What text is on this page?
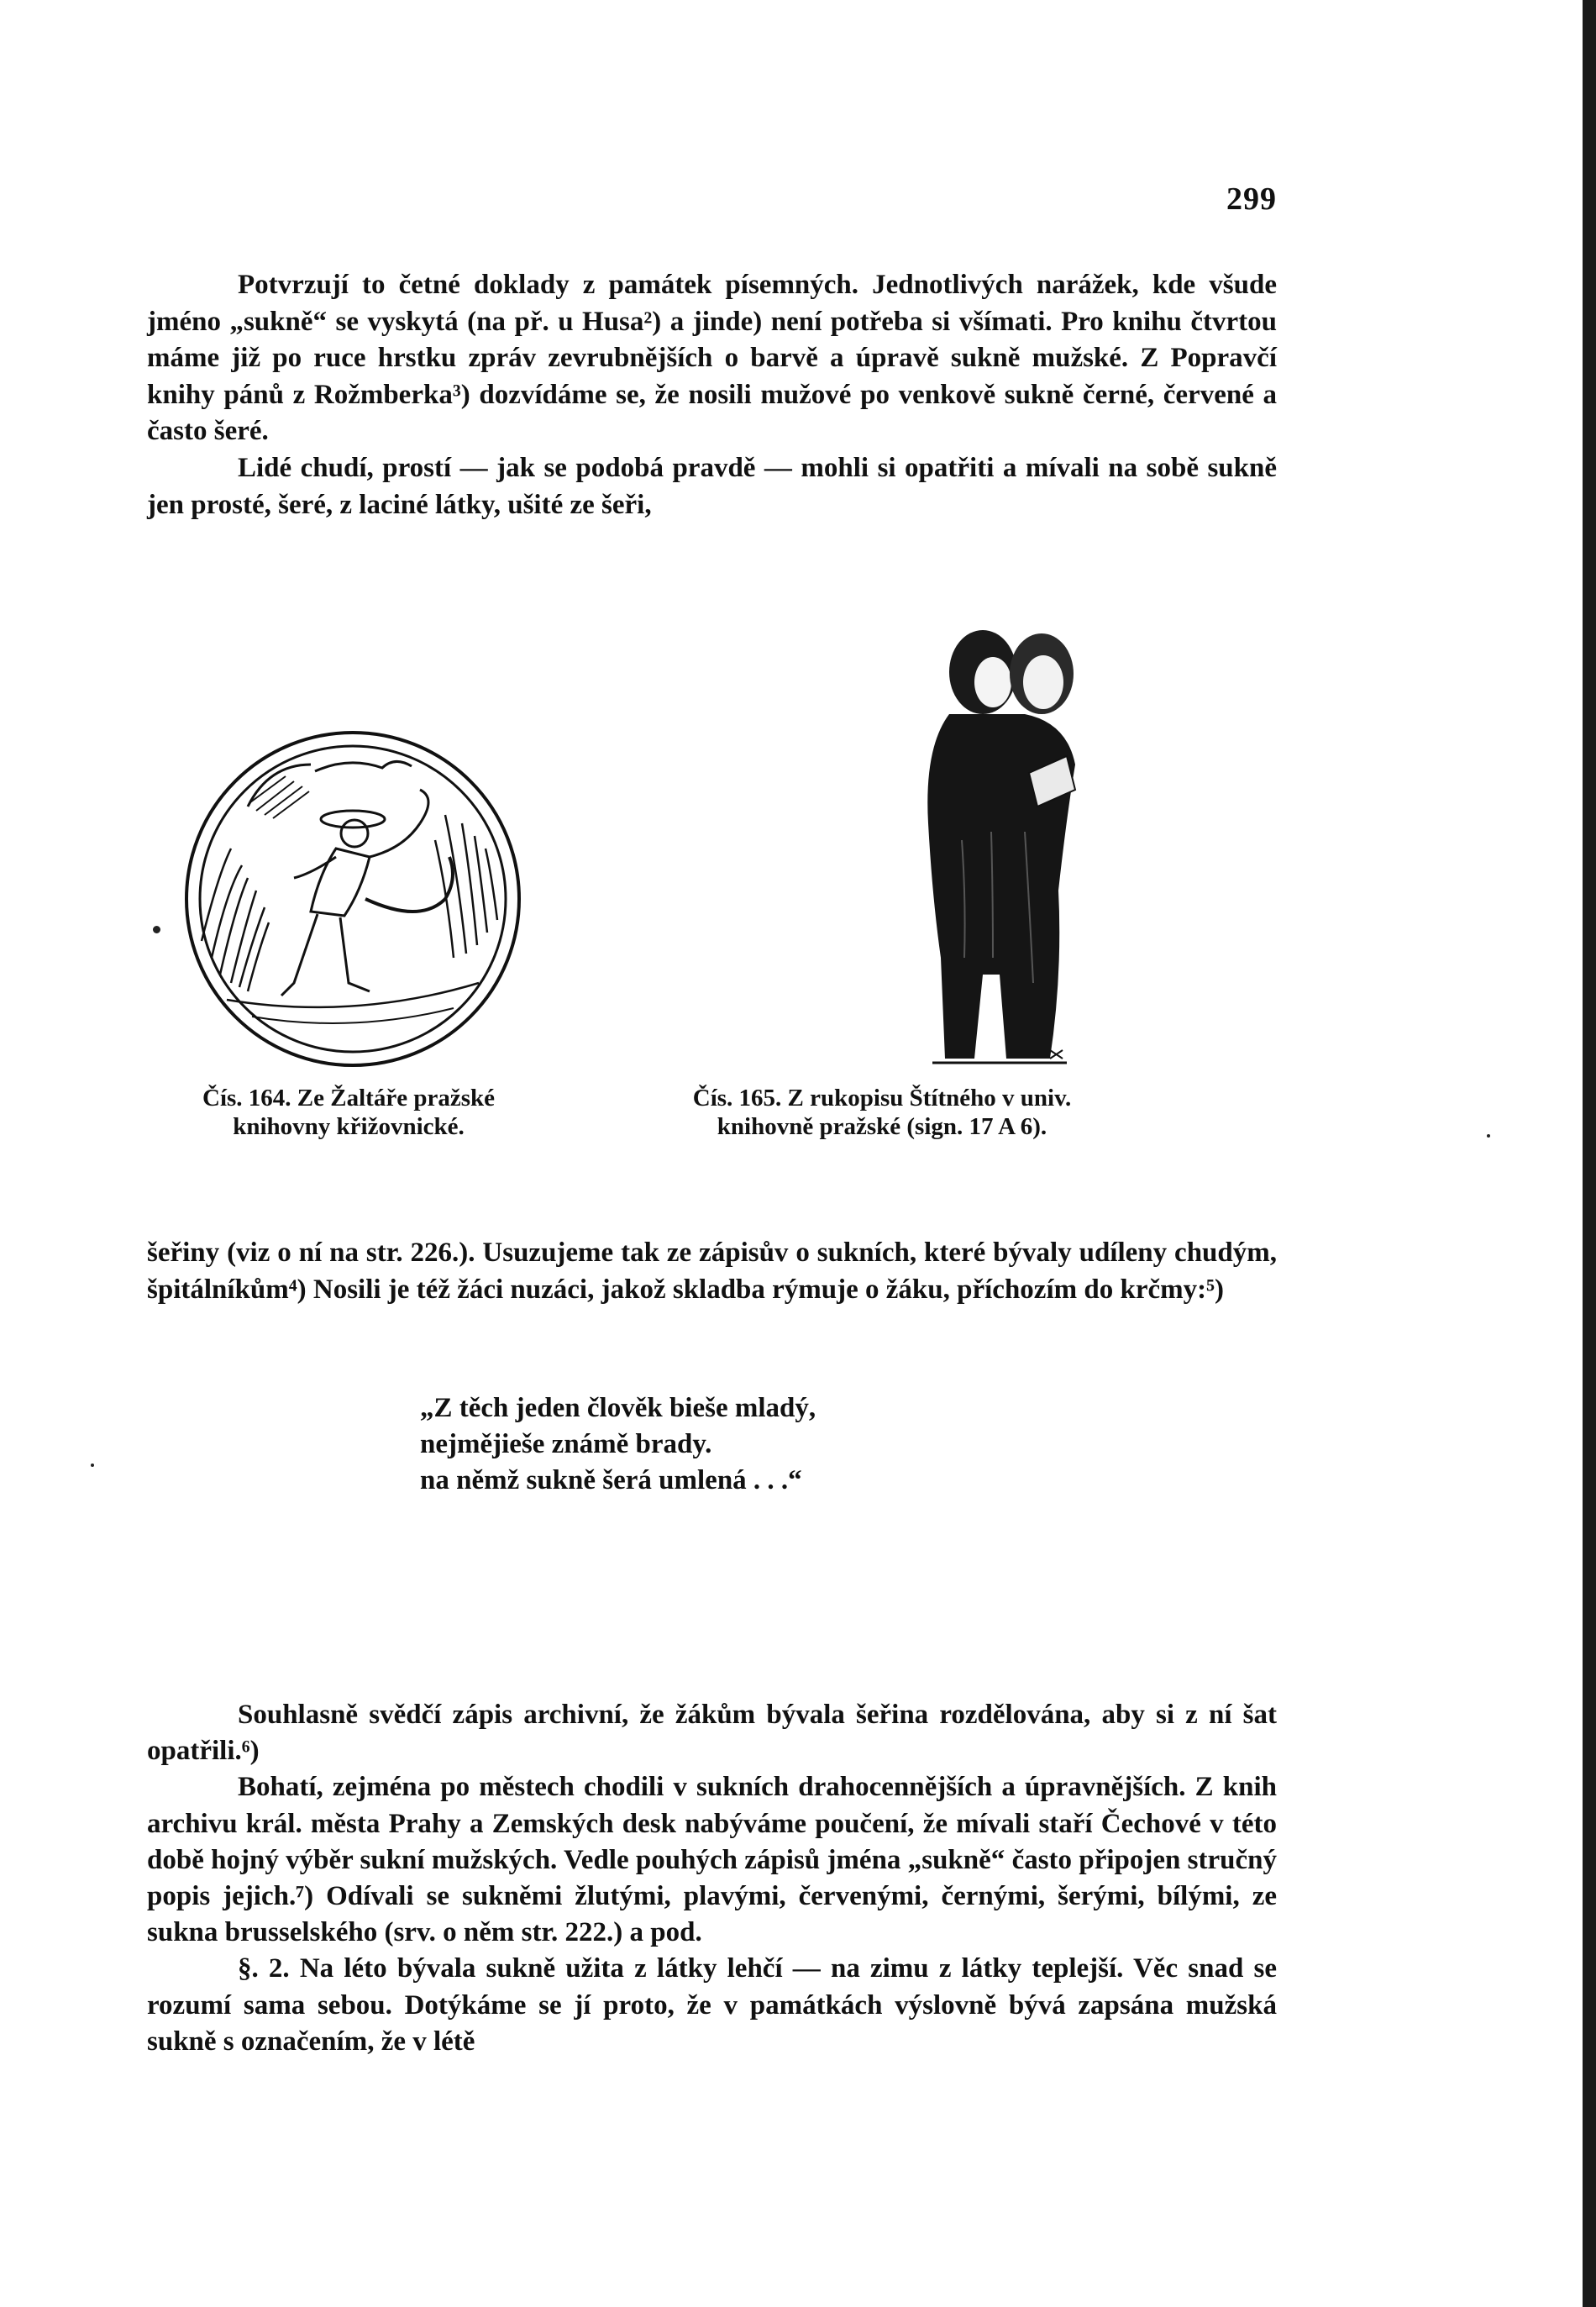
299

Potvrzují to četné doklady z památek písemných. Jednotlivých narážek, kde všude jméno „sukně“ se vyskytá (na př. u Husa²) a jinde) není potřeba si všímati. Pro knihu čtvrtou máme již po ruce hrstku zpráv zevrubnějších o barvě a úpravě sukně mužské. Z Popravčí knihy pánů z Rožmberka³) dozvídáme se, že nosili mužové po venkově sukně černé, červené a často šeré.

Lidé chudí, prostí — jak se podobá pravdě — mohli si opatřiti a mívali na sobě sukně jen prosté, šeré, z laciné látky, ušité ze šeři,

Čís. 164. Ze Žaltáře pražské
knihovny křižovnické.
Čís. 165. Z rukopisu Štítného v univ.
knihovně pražské (sign. 17 A 6).

šeřiny (viz o ní na str. 226.). Usuzujeme tak ze zápisův o sukních, které bývaly udíleny chudým, špitálníkům⁴) Nosili je též žáci nuzáci, jakož skladba rýmuje o žáku, příchozím do krčmy:⁵)

„Z těch jeden člověk bieše mladý,
nejmějieše známě brady.
na němž sukně šerá umlená . . .“

Souhlasně svědčí zápis archivní, že žákům bývala šeřina rozdělována, aby si z ní šat opatřili.⁶)

Bohatí, zejména po městech chodili v sukních drahocennějších a úpravnějších. Z knih archivu král. města Prahy a Zemských desk nabýváme poučení, že mívali staří Čechové v této době hojný výběr sukní mužských. Vedle pouhých zápisů jména „sukně“ často připojen stručný popis jejich.⁷) Odívali se sukněmi žlutými, plavými, červenými, černými, šerými, bílými, ze sukna brusselského (srv. o něm str. 222.) a pod.

§. 2. Na léto bývala sukně užita z látky lehčí — na zimu z látky teplejší. Věc snad se rozumí sama sebou. Dotýkáme se jí proto, že v památkách výslovně bývá zapsána mužská sukně s označením, že v létě
